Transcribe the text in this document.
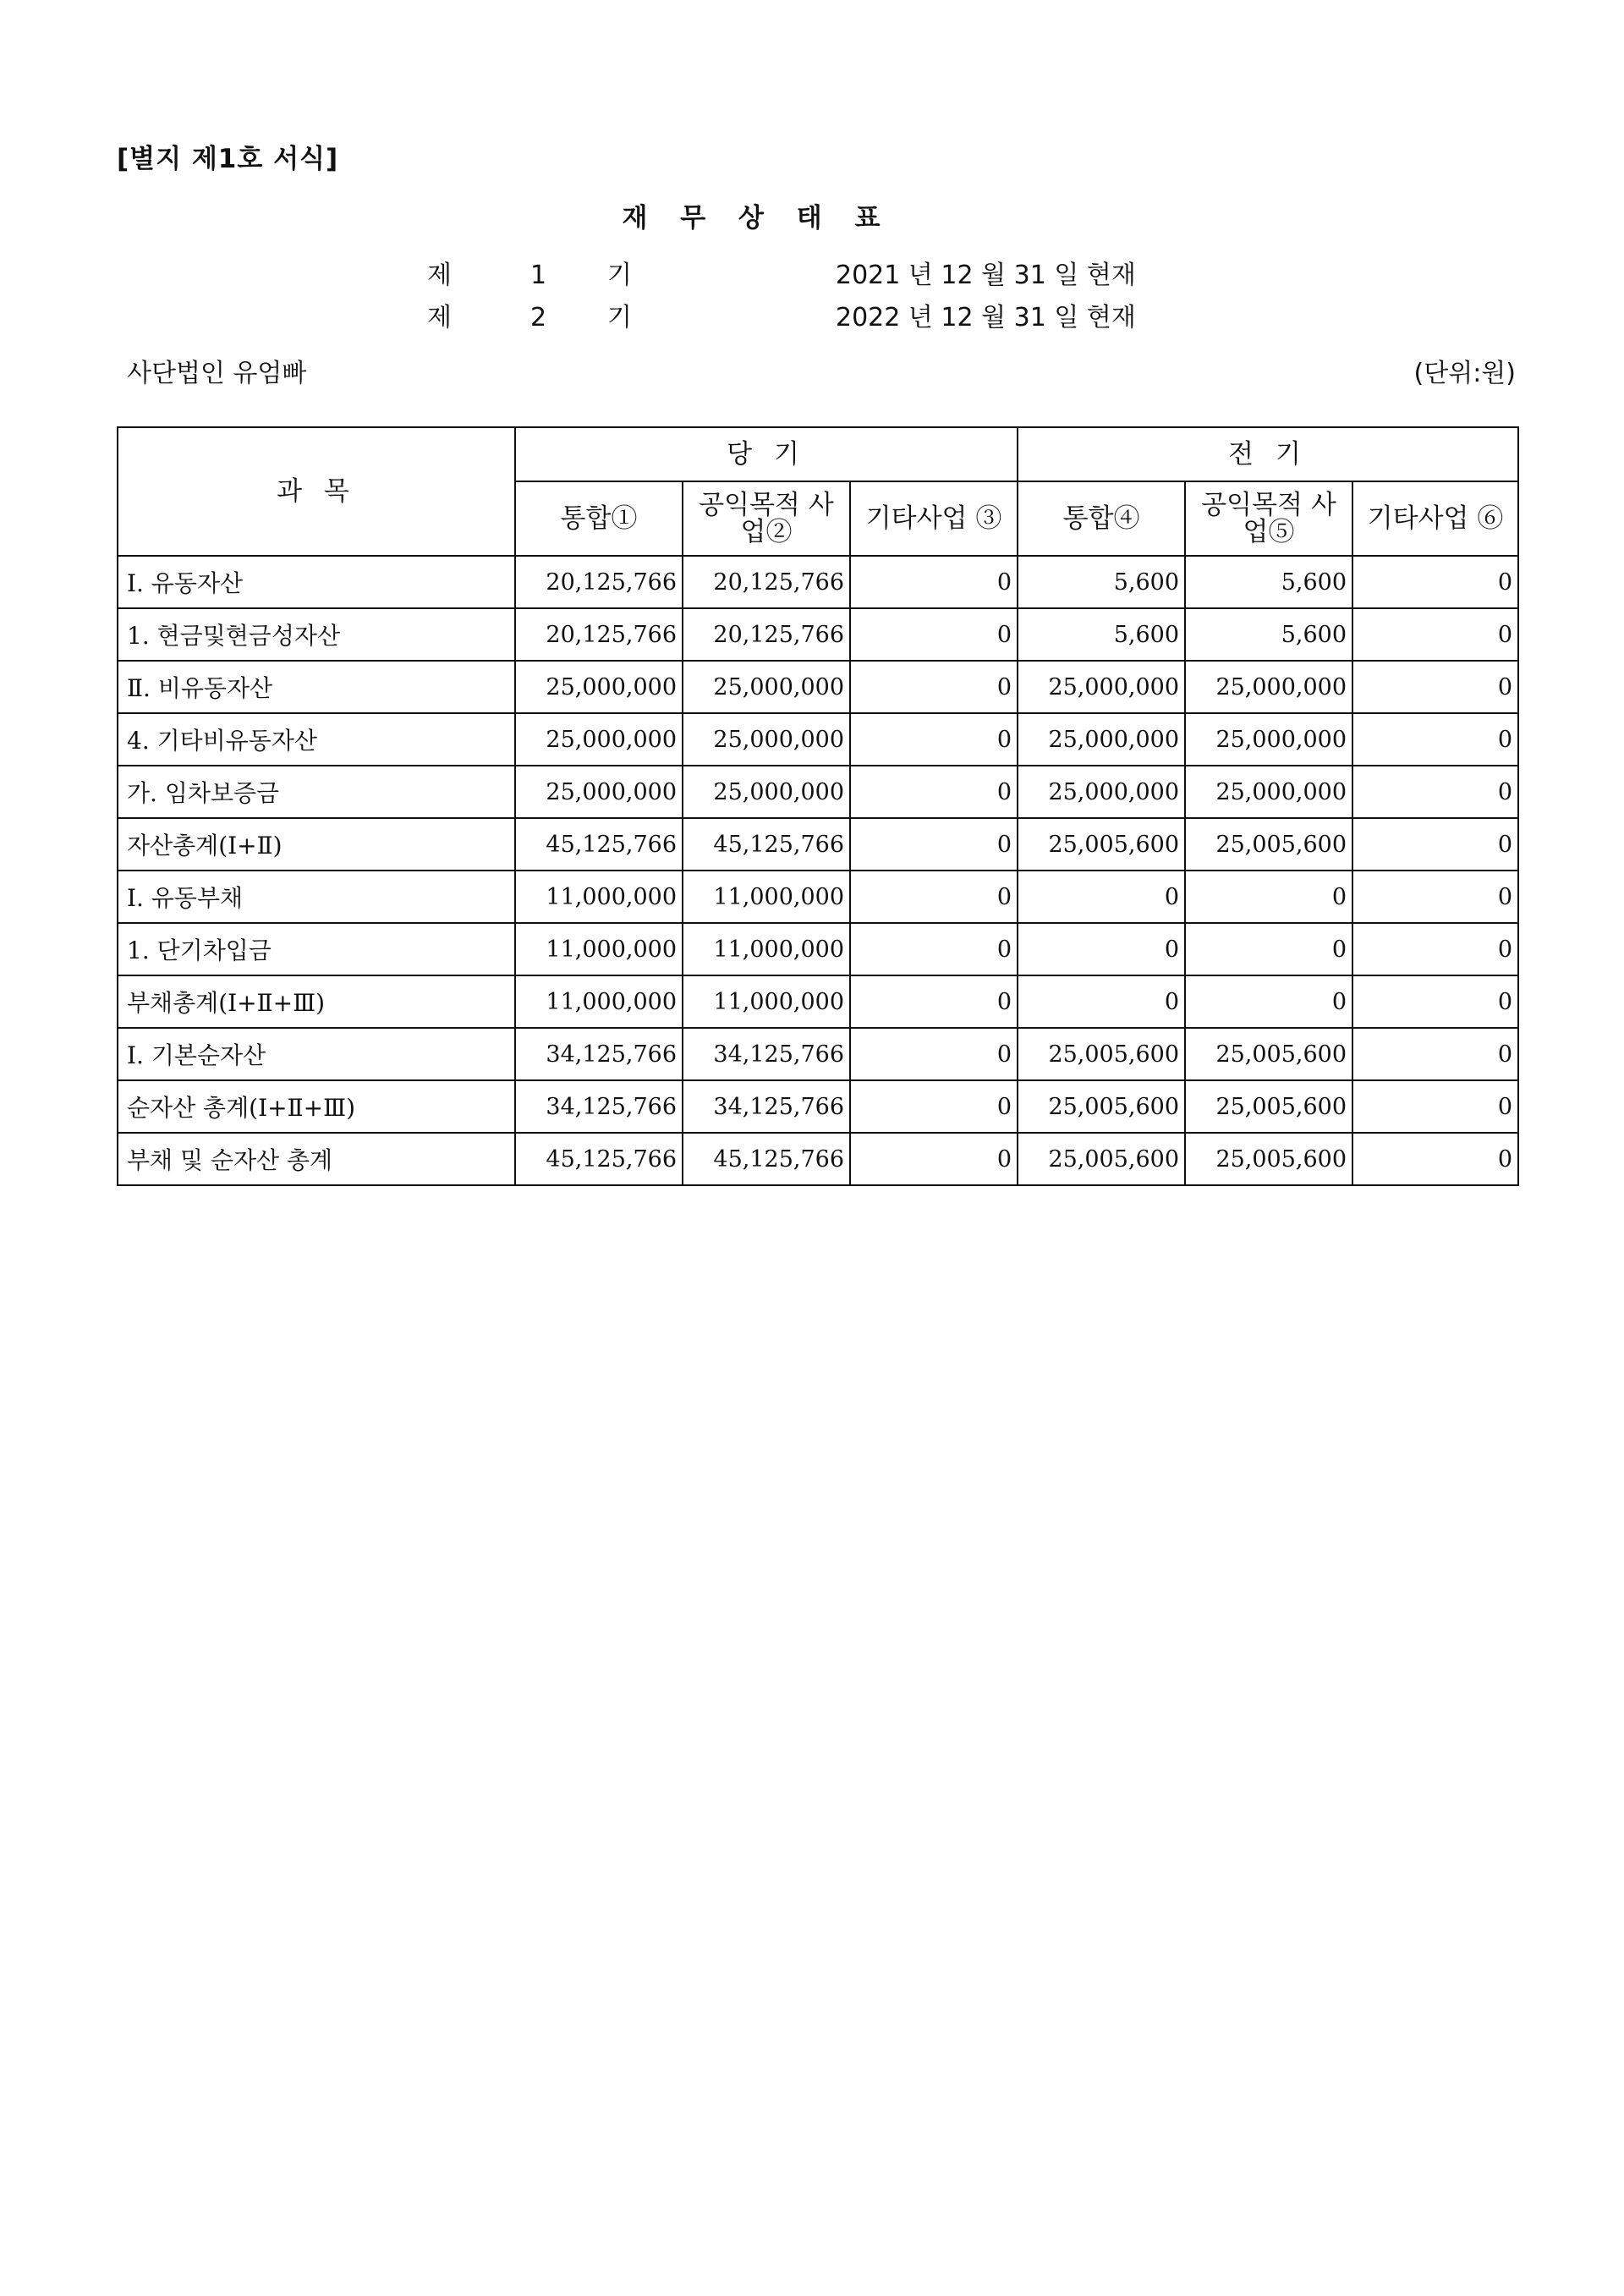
[별지 제1호 서식]
재 무 상 태 표
제	1 기	2021 년 12 월 31 일 현재
제	2 기	2022 년 12 월 31 일 현재
사단법인 유엄빠	(단위:원)
과 목	당 기			전 기		
	통합①	공익목적 사업②	기타사업 ③	통합④	공익목적 사업⑤	기타사업 ⑥
Ⅰ. 유동자산	20,125,766	20,125,766	0	5,600	5,600	0
1. 현금및현금성자산	20,125,766	20,125,766	0	5,600	5,600	0
Ⅱ. 비유동자산	25,000,000	25,000,000	0	25,000,000	25,000,000	0
4. 기타비유동자산	25,000,000	25,000,000	0	25,000,000	25,000,000	0
가. 임차보증금	25,000,000	25,000,000	0	25,000,000	25,000,000	0
자산총계(Ⅰ+Ⅱ)	45,125,766	45,125,766	0	25,005,600	25,005,600	0
Ⅰ. 유동부채	11,000,000	11,000,000	0	0	0	0
1. 단기차입금	11,000,000	11,000,000	0	0	0	0
부채총계(Ⅰ+Ⅱ+Ⅲ)	11,000,000	11,000,000	0	0	0	0
Ⅰ. 기본순자산	34,125,766	34,125,766	0	25,005,600	25,005,600	0
순자산 총계(Ⅰ+Ⅱ+Ⅲ)	34,125,766	34,125,766	0	25,005,600	25,005,600	0
부채 및 순자산 총계	45,125,766	45,125,766	0	25,005,600	25,005,600	0
